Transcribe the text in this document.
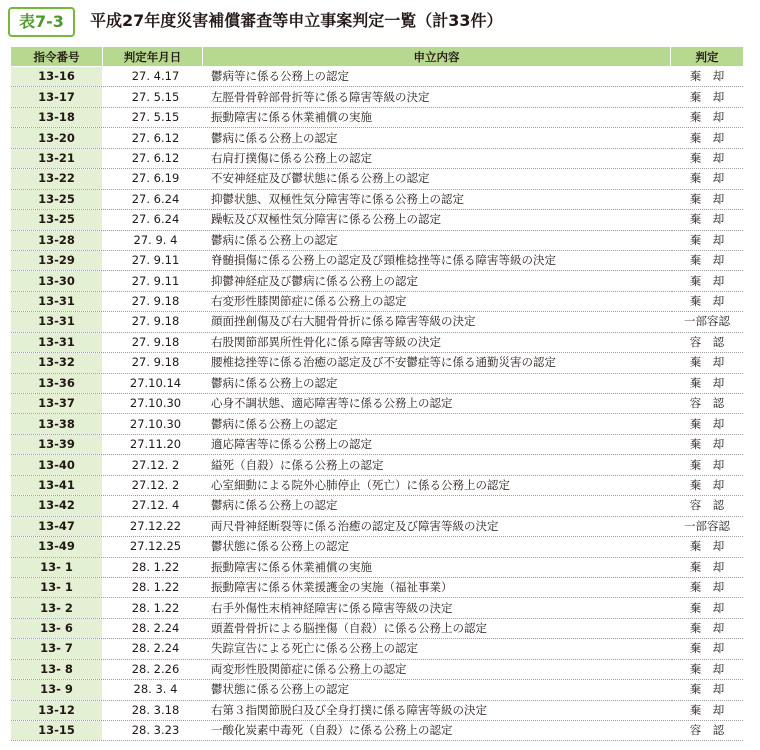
表7-3	平成27年度災害補償審査等申立事案判定一覧（計33件）
指令番号	判定年月日	申立内容	判定
13-16	27. 4.17	鬱病等に係る公務上の認定	棄　却
13-17	27. 5.15	左脛骨骨幹部骨折等に係る障害等級の決定	棄　却
13-18	27. 5.15	振動障害に係る休業補償の実施	棄　却
13-20	27. 6.12	鬱病に係る公務上の認定	棄　却
13-21	27. 6.12	右肩打撲傷に係る公務上の認定	棄　却
13-22	27. 6.19	不安神経症及び鬱状態に係る公務上の認定	棄　却
13-25	27. 6.24	抑鬱状態、双極性気分障害等に係る公務上の認定	棄　却
13-25	27. 6.24	躁転及び双極性気分障害に係る公務上の認定	棄　却
13-28	27. 9. 4	鬱病に係る公務上の認定	棄　却
13-29	27. 9.11	脊髄損傷に係る公務上の認定及び頸椎捻挫等に係る障害等級の決定	棄　却
13-30	27. 9.11	抑鬱神経症及び鬱病に係る公務上の認定	棄　却
13-31	27. 9.18	右変形性膝関節症に係る公務上の認定	棄　却
13-31	27. 9.18	顔面挫創傷及び右大腿骨骨折に係る障害等級の決定	一部容認
13-31	27. 9.18	右股関節部異所性骨化に係る障害等級の決定	容　認
13-32	27. 9.18	腰椎捻挫等に係る治癒の認定及び不安鬱症等に係る通勤災害の認定	棄　却
13-36	27.10.14	鬱病に係る公務上の認定	棄　却
13-37	27.10.30	心身不調状態、適応障害等に係る公務上の認定	容　認
13-38	27.10.30	鬱病に係る公務上の認定	棄　却
13-39	27.11.20	適応障害等に係る公務上の認定	棄　却
13-40	27.12. 2	縊死（自殺）に係る公務上の認定	棄　却
13-41	27.12. 2	心室細動による院外心肺停止（死亡）に係る公務上の認定	棄　却
13-42	27.12. 4	鬱病に係る公務上の認定	容　認
13-47	27.12.22	両尺骨神経断裂等に係る治癒の認定及び障害等級の決定	一部容認
13-49	27.12.25	鬱状態に係る公務上の認定	棄　却
13- 1	28. 1.22	振動障害に係る休業補償の実施	棄　却
13- 1	28. 1.22	振動障害に係る休業援護金の実施（福祉事業）	棄　却
13- 2	28. 1.22	右手外傷性末梢神経障害に係る障害等級の決定	棄　却
13- 6	28. 2.24	頭蓋骨骨折による脳挫傷（自殺）に係る公務上の認定	棄　却
13- 7	28. 2.24	失踪宣告による死亡に係る公務上の認定	棄　却
13- 8	28. 2.26	両変形性股関節症に係る公務上の認定	棄　却
13- 9	28. 3. 4	鬱状態に係る公務上の認定	棄　却
13-12	28. 3.18	右第３指関節脱臼及び全身打撲に係る障害等級の決定	棄　却
13-15	28. 3.23	一酸化炭素中毒死（自殺）に係る公務上の認定	容　認
